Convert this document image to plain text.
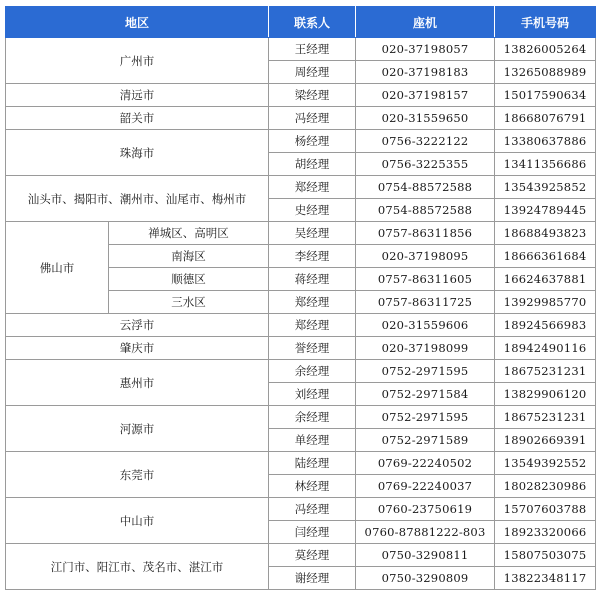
地区		联系人	座机	手机号码
广州市		王经理	020-37198057	13826005264
		周经理	020-37198183	13265088989
清远市		梁经理	020-37198157	15017590634
韶关市		冯经理	020-31559650	18668076791
珠海市		杨经理	0756-3222122	13380637886
		胡经理	0756-3225355	13411356686
汕头市、揭阳市、潮州市、汕尾市、梅州市		郑经理	0754-88572588	13543925852
		史经理	0754-88572588	13924789445
佛山市	禅城区、高明区	吴经理	0757-86311856	18688493823
	南海区	李经理	020-37198095	18666361684
	顺德区	蒋经理	0757-86311605	16624637881
	三水区	郑经理	0757-86311725	13929985770
云浮市		郑经理	020-31559606	18924566983
肇庆市		誉经理	020-37198099	18942490116
惠州市		余经理	0752-2971595	18675231231
		刘经理	0752-2971584	13829906120
河源市		余经理	0752-2971595	18675231231
		单经理	0752-2971589	18902669391
东莞市		陆经理	0769-22240502	13549392552
		林经理	0769-22240037	18028230986
中山市		冯经理	0760-23750619	15707603788
		闫经理	0760-87881222-803	18923320066
江门市、阳江市、茂名市、湛江市		莫经理	0750-3290811	15807503075
		谢经理	0750-3290809	13822348117
